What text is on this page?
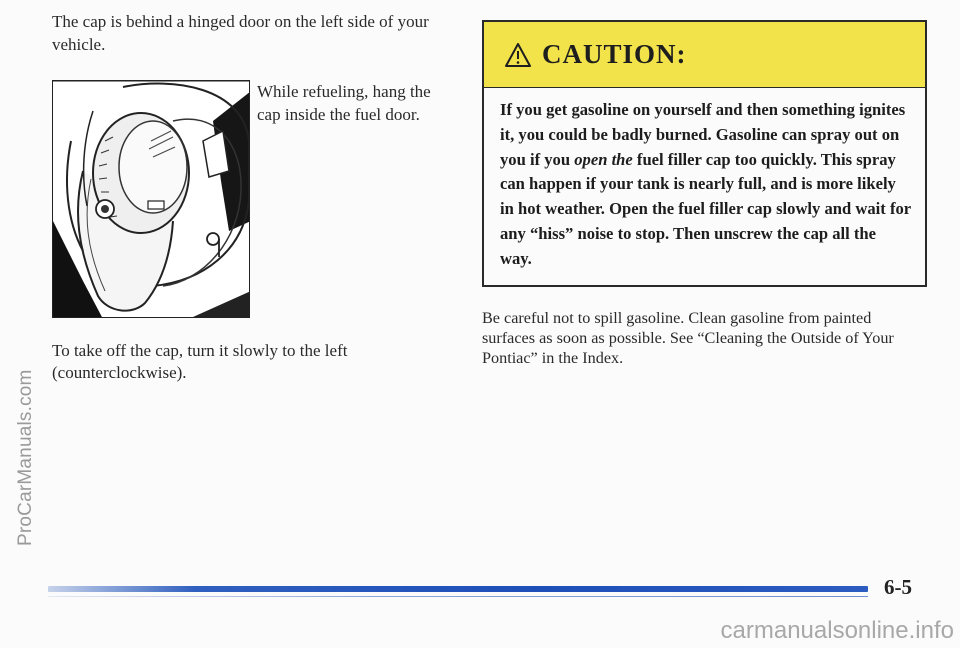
ProCarManuals.com

The cap is behind a hinged door on the left side of your vehicle.

While refueling, hang the cap inside the fuel door.

To take off the cap, turn it slowly to the left (counterclockwise).

CAUTION:

If you get gasoline on yourself and then something ignites it, you could be badly burned. Gasoline can spray out on you if you open the fuel filler cap too quickly. This spray can happen if your tank is nearly full, and is more likely in hot weather. Open the fuel filler cap slowly and wait for any “hiss” noise to stop. Then unscrew the cap all the way.

Be careful not to spill gasoline. Clean gasoline from painted surfaces as soon as possible. See “Cleaning the Outside of Your Pontiac” in the Index.

6-5
carmanualsonline.info
